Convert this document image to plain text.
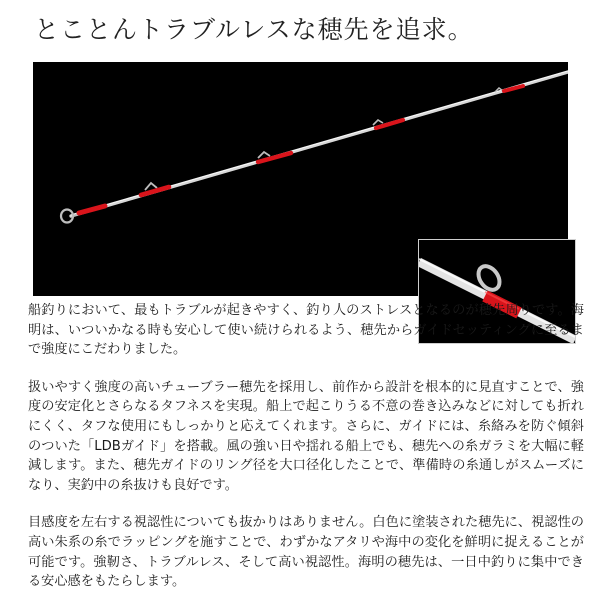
とことんトラブルレスな穂先を追求。

船釣りにおいて、最もトラブルが起きやすく、釣り人のストレスとなるのが穂先周りです。海明は、いついかなる時も安心して使い続けられるよう、穂先からガイドセッティングに至るまで強度にこだわりました。

扱いやすく強度の高いチューブラー穂先を採用し、前作から設計を根本的に見直すことで、強度の安定化とさらなるタフネスを実現。船上で起こりうる不意の巻き込みなどに対しても折れにくく、タフな使用にもしっかりと応えてくれます。さらに、ガイドには、糸絡みを防ぐ傾斜のついた「LDBガイド」を搭載。風の強い日や揺れる船上でも、穂先への糸ガラミを大幅に軽減します。また、穂先ガイドのリング径を大口径化したことで、準備時の糸通しがスムーズになり、実釣中の糸抜けも良好です。

目感度を左右する視認性についても抜かりはありません。白色に塗装された穂先に、視認性の高い朱系の糸でラッピングを施すことで、わずかなアタリや海中の変化を鮮明に捉えることが可能です。強靭さ、トラブルレス、そして高い視認性。海明の穂先は、一日中釣りに集中できる安心感をもたらします。
